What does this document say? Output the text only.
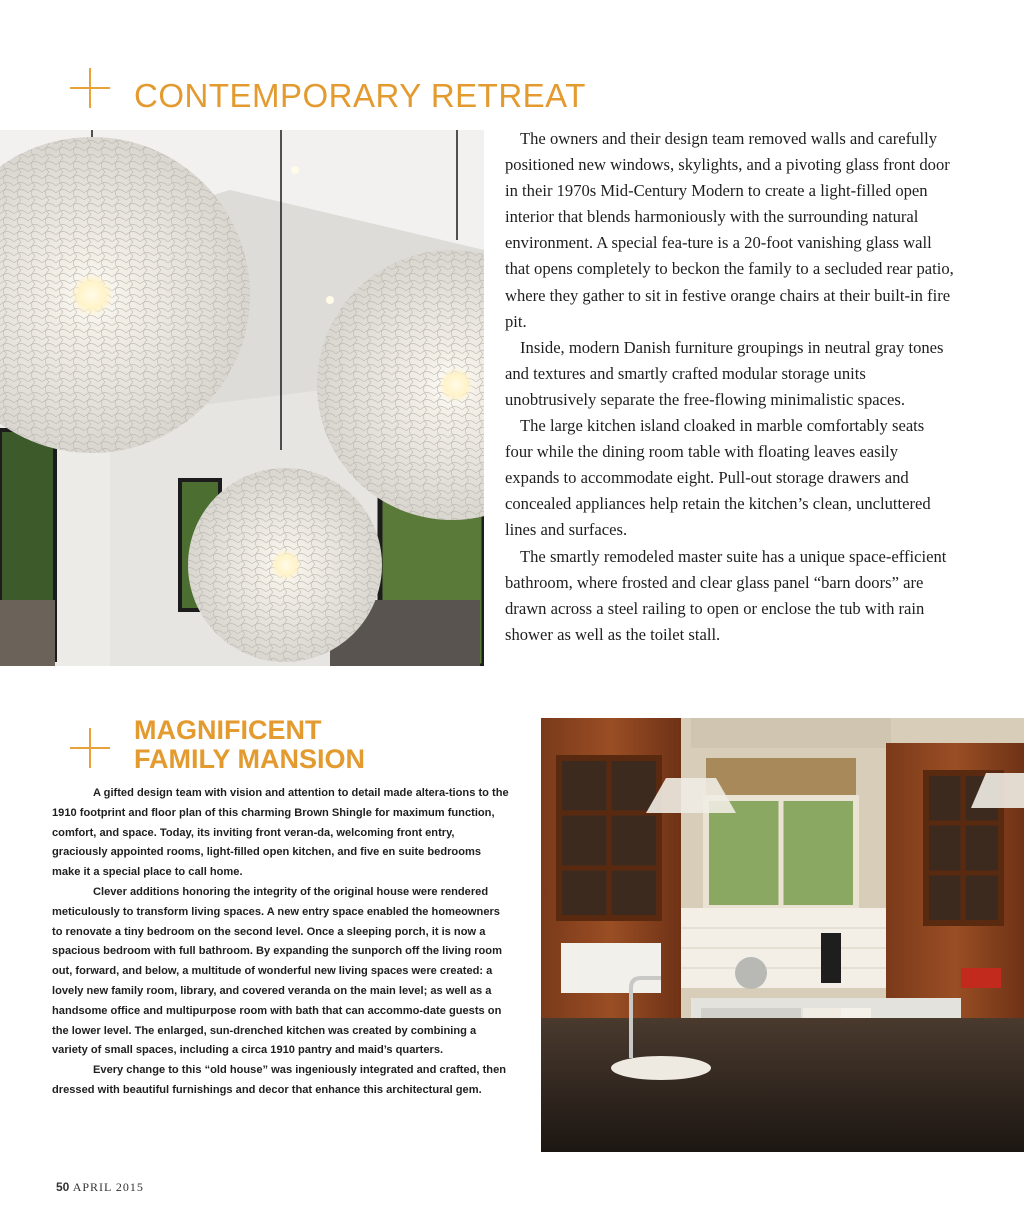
CONTEMPORARY RETREAT

The owners and their design team removed walls and carefully positioned new windows, skylights, and a pivoting glass front door in their 1970s Mid-Century Modern to create a light-filled open interior that blends harmoniously with the surrounding natural environment. A special fea-ture is a 20-foot vanishing glass wall that opens completely to beckon the family to a secluded rear patio, where they gather to sit in festive orange chairs at their built-in fire pit.

Inside, modern Danish furniture groupings in neutral gray tones and textures and smartly crafted modular storage units unobtrusively separate the free-flowing minimalistic spaces.

The large kitchen island cloaked in marble comfortably seats four while the dining room table with floating leaves easily expands to accommodate eight. Pull-out storage drawers and concealed appliances help retain the kitchen’s clean, uncluttered lines and surfaces.

The smartly remodeled master suite has a unique space-efficient bathroom, where frosted and clear glass panel “barn doors” are drawn across a steel railing to open or enclose the tub with rain shower as well as the toilet stall.

MAGNIFICENT
FAMILY MANSION

A gifted design team with vision and attention to detail made altera-tions to the 1910 footprint and floor plan of this charming Brown Shingle for maximum function, comfort, and space. Today, its inviting front veran-da, welcoming front entry, graciously appointed rooms, light-filled open kitchen, and five en suite bedrooms make it a special place to call home.

Clever additions honoring the integrity of the original house were rendered meticulously to transform living spaces. A new entry space enabled the homeowners to renovate a tiny bedroom on the second level. Once a sleeping porch, it is now a spacious bedroom with full bathroom. By expanding the sunporch off the living room out, forward, and below, a multitude of wonderful new living spaces were created: a lovely new family room, library, and covered veranda on the main level; as well as a handsome office and multipurpose room with bath that can accommo-date guests on the lower level. The enlarged, sun-drenched kitchen was created by combining a variety of small spaces, including a circa 1910 pantry and maid’s quarters.

Every change to this “old house” was ingeniously integrated and crafted, then dressed with beautiful furnishings and decor that enhance this architectural gem.

50 APRIL 2015
